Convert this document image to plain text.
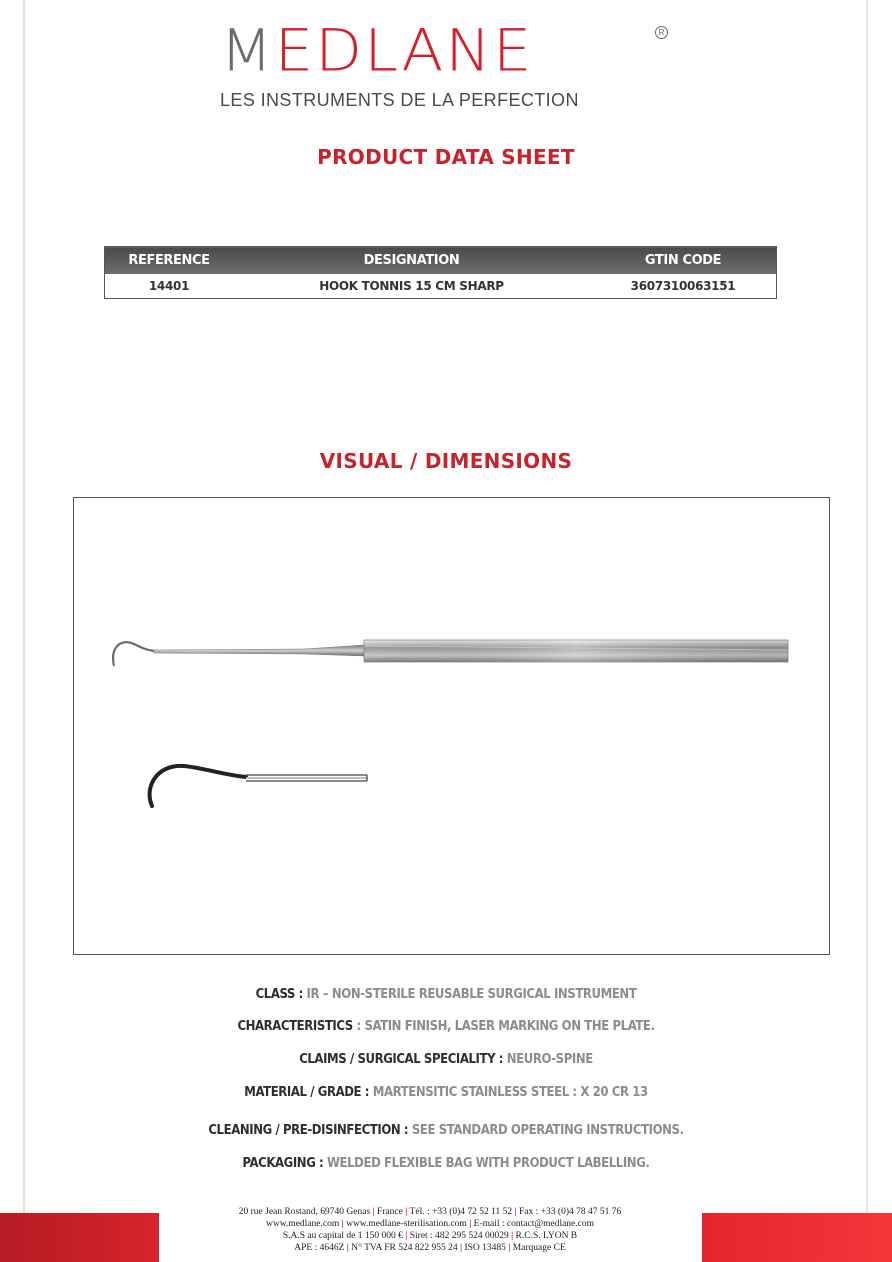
MEDLANE	R
LES INSTRUMENTS DE LA PERFECTION
PRODUCT DATA SHEET
REFERENCE	DESIGNATION	GTIN CODE
14401	HOOK TONNIS 15 CM SHARP	3607310063151
VISUAL / DIMENSIONS
CLASS : IR – NON-STERILE REUSABLE SURGICAL INSTRUMENT
CHARACTERISTICS : SATIN FINISH, LASER MARKING ON THE PLATE.
CLAIMS / SURGICAL SPECIALITY : NEURO-SPINE
MATERIAL / GRADE : MARTENSITIC STAINLESS STEEL : X 20 CR 13
CLEANING / PRE-DISINFECTION : SEE STANDARD OPERATING INSTRUCTIONS.
PACKAGING : WELDED FLEXIBLE BAG WITH PRODUCT LABELLING.
20 rue Jean Rostand, 69740 Genas | France | Tél. : +33 (0)4 72 52 11 52 | Fax : +33 (0)4 78 47 51 76
www.medlane.com | www.medlane-sterilisation.com | E-mail : contact@medlane.com
S.A.S au capital de 1 150 000 € | Siret : 482 295 524 00029 | R.C.S. LYON B
APE : 4646Z | N° TVA FR 524 822 955 24 | ISO 13485 | Marquage CE
